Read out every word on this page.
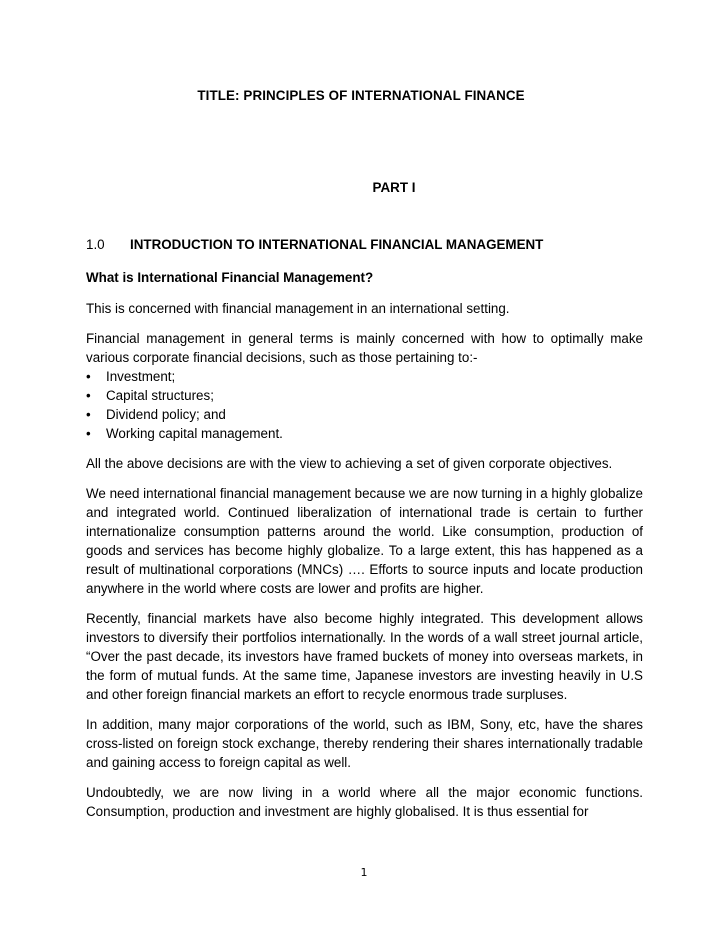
TITLE: PRINCIPLES OF INTERNATIONAL FINANCE
PART I
1.0	INTRODUCTION TO INTERNATIONAL FINANCIAL MANAGEMENT

What is International Financial Management?

This is concerned with financial management in an international setting.

Financial management in general terms is mainly concerned with how to optimally make various corporate financial decisions, such as those pertaining to:-

•	Investment;
•	Capital structures;
•	Dividend policy; and
•	Working capital management.

All the above decisions are with the view to achieving a set of given corporate objectives.

We need international financial management because we are now turning in a highly globalize and integrated world. Continued liberalization of international trade is certain to further internationalize consumption patterns around the world. Like consumption, production of goods and services has become highly globalize. To a large extent, this has happened as a result of multinational corporations (MNCs) …. Efforts to source inputs and locate production anywhere in the world where costs are lower and profits are higher.

Recently, financial markets have also become highly integrated. This development allows investors to diversify their portfolios internationally. In the words of a wall street journal article, “Over the past decade, its investors have framed buckets of money into overseas markets, in the form of mutual funds. At the same time, Japanese investors are investing heavily in U.S and other foreign financial markets an effort to recycle enormous trade surpluses.

In addition, many major corporations of the world, such as IBM, Sony, etc, have the shares cross-listed on foreign stock exchange, thereby rendering their shares internationally tradable and gaining access to foreign capital as well.

Undoubtedly, we are now living in a world where all the major economic functions. Consumption, production and investment are highly globalised. It is thus essential for

1
